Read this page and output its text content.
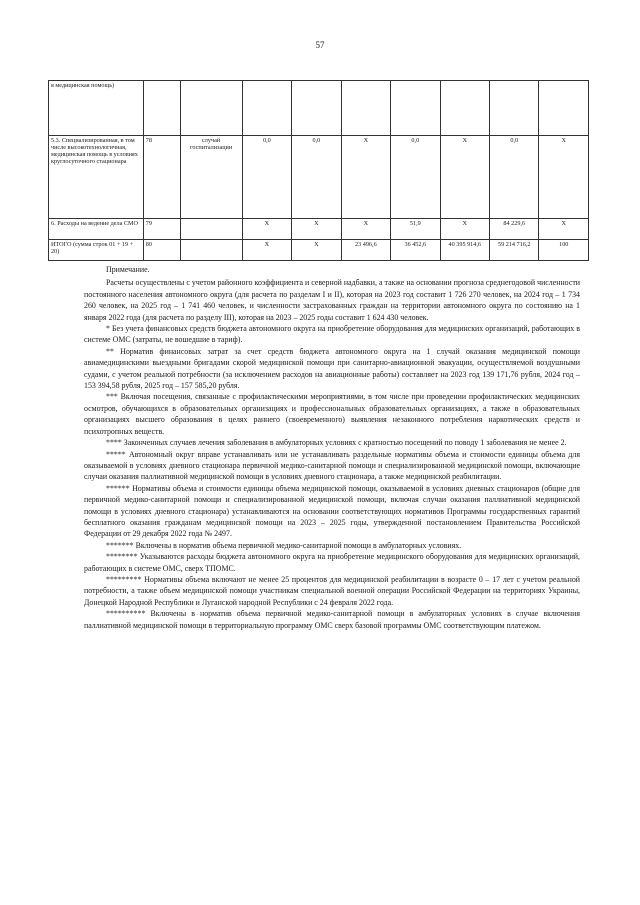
57
я медицинская помощь)									
5.3. Специализированная, в том числе высокотехнологичная, медицинская помощь в условиях круглосуточного стационара	78	случай госпитализации	0,0	0,0	Х	0,0	Х	0,0	Х
6. Расходы на ведение дела СМО	79		Х	Х	Х	51,9	Х	84 229,6	Х
ИТОГО (сумма строк 01 + 19 + 20)	80		Х	Х	23 496,6	36 452,6	40 395 914,6	59 214 716,2	100

Примечание.

Расчеты осуществлены с учетом районного коэффициента и северной надбавки, а также на основании прогноза среднегодовой численности постоянного населения автономного округа (для расчета по разделам I и II), которая на 2023 год составит 1 726 270 человек, на 2024 год – 1 734 260 человек, на 2025 год – 1 741 460 человек, и численности застрахованных граждан на территории автономного округа по состоянию на 1 января 2022 года (для расчета по разделу III), которая на 2023 – 2025 годы составит 1 624 430 человек.

* Без учета финансовых средств бюджета автономного округа на приобретение оборудования для медицинских организаций, работающих в системе ОМС (затраты, не вошедшие в тариф).

** Норматив финансовых затрат за счет средств бюджета автономного округа на 1 случай оказания медицинской помощи авиамедицинскими выездными бригадами скорой медицинской помощи при санитарно-авиационной эвакуации, осуществляемой воздушными судами, с учетом реальной потребности (за исключением расходов на авиационные работы) составляет на 2023 год 139 171,76 рубля, 2024 год – 153 394,58 рубля, 2025 год – 157 585,20 рубля.

*** Включая посещения, связанные с профилактическими мероприятиями, в том числе при проведении профилактических медицинских осмотров, обучающихся в образовательных организациях и профессиональных образовательных организациях, а также в образовательных организациях высшего образования в целях раннего (своевременного) выявления незаконного потребления наркотических средств и психотропных веществ.

**** Законченных случаев лечения заболевания в амбулаторных условиях с кратностью посещений по поводу 1 заболевания не менее 2.

***** Автономный округ вправе устанавливать или не устанавливать раздельные нормативы объема и стоимости единицы объема для оказываемой в условиях дневного стационара первичной медико-санитарной помощи и специализированной медицинской помощи, включающие случаи оказания паллиативной медицинской помощи в условиях дневного стационара, а также медицинской реабилитации.

****** Нормативы объема и стоимости единицы объема медицинской помощи, оказываемой в условиях дневных стационаров (общие для первичной медико-санитарной помощи и специализированной медицинской помощи, включая случаи оказания паллиативной медицинской помощи в условиях дневного стационара) устанавливаются на основании соответствующих нормативов Программы государственных гарантий бесплатного оказания гражданам медицинской помощи на 2023 – 2025 годы, утвержденной постановлением Правительства Российской Федерации от 29 декабря 2022 года № 2497.

******* Включены в норматив объема первичной медико-санитарной помощи в амбулаторных условиях.

******** Указываются расходы бюджета автономного округа на приобретение медицинского оборудования для медицинских организаций, работающих в системе ОМС, сверх ТПОМС.

********* Нормативы объема включают не менее 25 процентов для медицинской реабилитации в возрасте 0 – 17 лет с учетом реальной потребности, а также объем медицинской помощи участникам специальной военной операции Российской Федерации на территориях Украины, Донецкой Народной Республики и Луганской народной Республики с 24 февраля 2022 года.

********** Включены в норматив объема первичной медико-санитарной помощи в амбулаторных условиях в случае включения паллиативной медицинской помощи в территориальную программу ОМС сверх базовой программы ОМС соответствующим платежом.
